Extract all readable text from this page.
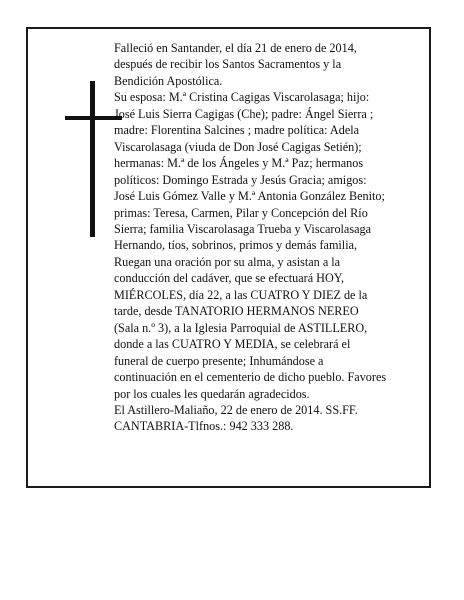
Falleció en Santander, el día 21 de enero de 2014,

después de recibir los Santos Sacramentos y la

Bendición Apostólica.

Su esposa: M.ª Cristina Cagigas Viscarolasaga; hijo:

José Luis Sierra Cagigas (Che); padre: Ángel Sierra ;

madre: Florentina Salcines ; madre política: Adela

Viscarolasaga (viuda de Don José Cagigas Setién);

hermanas: M.ª de los Ángeles y M.ª Paz; hermanos

políticos: Domingo Estrada y Jesús Gracia; amigos:

José Luis Gómez Valle y M.ª Antonia González Benito;

primas: Teresa, Carmen, Pilar y Concepción del Río

Sierra; familia Viscarolasaga Trueba y Viscarolasaga

Hernando, tíos, sobrinos, primos y demás familia,

Ruegan una oración por su alma, y asistan a la

conducción del cadáver, que se efectuará HOY,

MIÉRCOLES, día 22, a las CUATRO Y DIEZ de la

tarde, desde TANATORIO HERMANOS NEREO

(Sala n.º 3), a la Iglesia Parroquial de ASTILLERO,

donde a las CUATRO Y MEDIA, se celebrará el

funeral de cuerpo presente; Inhumándose a

continuación en el cementerio de dicho pueblo. Favores

por los cuales les quedarán agradecidos.

El Astillero-Maliaño, 22 de enero de 2014. SS.FF.

CANTABRIA-Tlfnos.: 942 333 288.
